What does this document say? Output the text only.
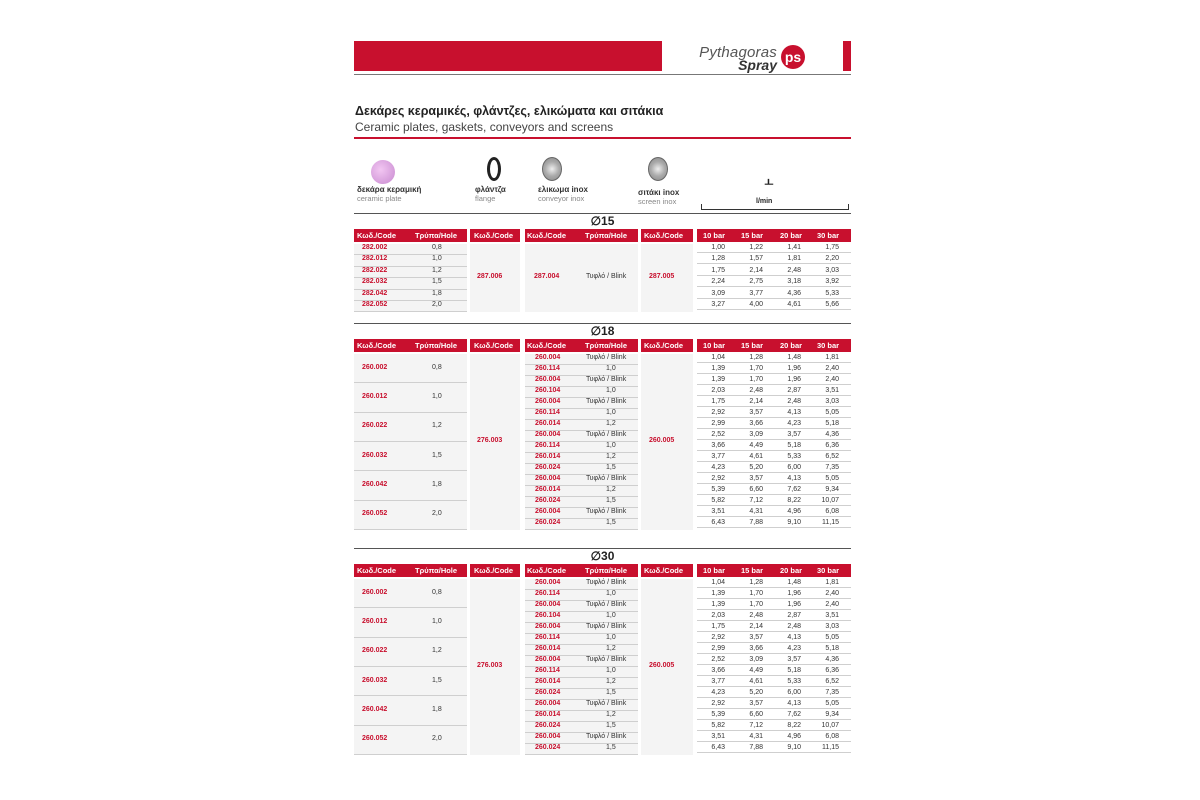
Pythagoras
Spray ps
Δεκάρες κεραμικές, φλάντζες, ελικώματα και σιτάκια
Ceramic plates, gaskets, conveyors and screens
δεκάρα κεραμική
ceramic plate
φλάντζα
flange
ελικωμα inox
conveyor inox
σιτάκι inox
screen inox
⫠
l/min
∅15
Κωδ./Code	Τρύπα/Hole Κωδ./Code Κωδ./Code	Τρύπα/Hole Κωδ./Code	10 bar 15 bar 20 bar 30 bar
282.002	0,8
282.012	1,0
282.022	1,2
282.032	1,5
282.042	1,8
282.052	2,0
287.006	287.004	Τυφλό / Blink	287.005
1,00	1,22	1,41	1,75
1,28	1,57	1,81	2,20
1,75	2,14	2,48	3,03
2,24	2,75	3,18	3,92
3,09	3,77	4,36	5,33
3,27	4,00	4,61	5,66
∅18
Κωδ./Code	Τρύπα/Hole Κωδ./Code Κωδ./Code	Τρύπα/Hole Κωδ./Code	10 bar 15 bar 20 bar 30 bar
260.002	0,8
260.012	1,0
260.022	1,2
260.032	1,5
260.042	1,8
260.052	2,0
276.003
260.004	Τυφλό / Blink
260.114	1,0
260.004	Τυφλό / Blink
260.104	1,0
260.004	Τυφλό / Blink
260.114	1,0
260.014	1,2
260.004	Τυφλό / Blink
260.114	1,0
260.014	1,2
260.024	1,5
260.004	Τυφλό / Blink
260.014	1,2
260.024	1,5
260.004	Τυφλό / Blink
260.024	1,5
260.005
1,04	1,28	1,48	1,81
1,39	1,70	1,96	2,40
1,39	1,70	1,96	2,40
2,03	2,48	2,87	3,51
1,75	2,14	2,48	3,03
2,92	3,57	4,13	5,05
2,99	3,66	4,23	5,18
2,52	3,09	3,57	4,36
3,66	4,49	5,18	6,36
3,77	4,61	5,33	6,52
4,23	5,20	6,00	7,35
2,92	3,57	4,13	5,05
5,39	6,60	7,62	9,34
5,82	7,12	8,22	10,07
3,51	4,31	4,96	6,08
6,43	7,88	9,10	11,15
∅30
Κωδ./Code	Τρύπα/Hole Κωδ./Code Κωδ./Code	Τρύπα/Hole Κωδ./Code	10 bar 15 bar 20 bar 30 bar
260.002	0,8
260.012	1,0
260.022	1,2
260.032	1,5
260.042	1,8
260.052	2,0
276.003
260.004	Τυφλό / Blink
260.114	1,0
260.004	Τυφλό / Blink
260.104	1,0
260.004	Τυφλό / Blink
260.114	1,0
260.014	1,2
260.004	Τυφλό / Blink
260.114	1,0
260.014	1,2
260.024	1,5
260.004	Τυφλό / Blink
260.014	1,2
260.024	1,5
260.004	Τυφλό / Blink
260.024	1,5
260.005
1,04	1,28	1,48	1,81
1,39	1,70	1,96	2,40
1,39	1,70	1,96	2,40
2,03	2,48	2,87	3,51
1,75	2,14	2,48	3,03
2,92	3,57	4,13	5,05
2,99	3,66	4,23	5,18
2,52	3,09	3,57	4,36
3,66	4,49	5,18	6,36
3,77	4,61	5,33	6,52
4,23	5,20	6,00	7,35
2,92	3,57	4,13	5,05
5,39	6,60	7,62	9,34
5,82	7,12	8,22	10,07
3,51	4,31	4,96	6,08
6,43	7,88	9,10	11,15
